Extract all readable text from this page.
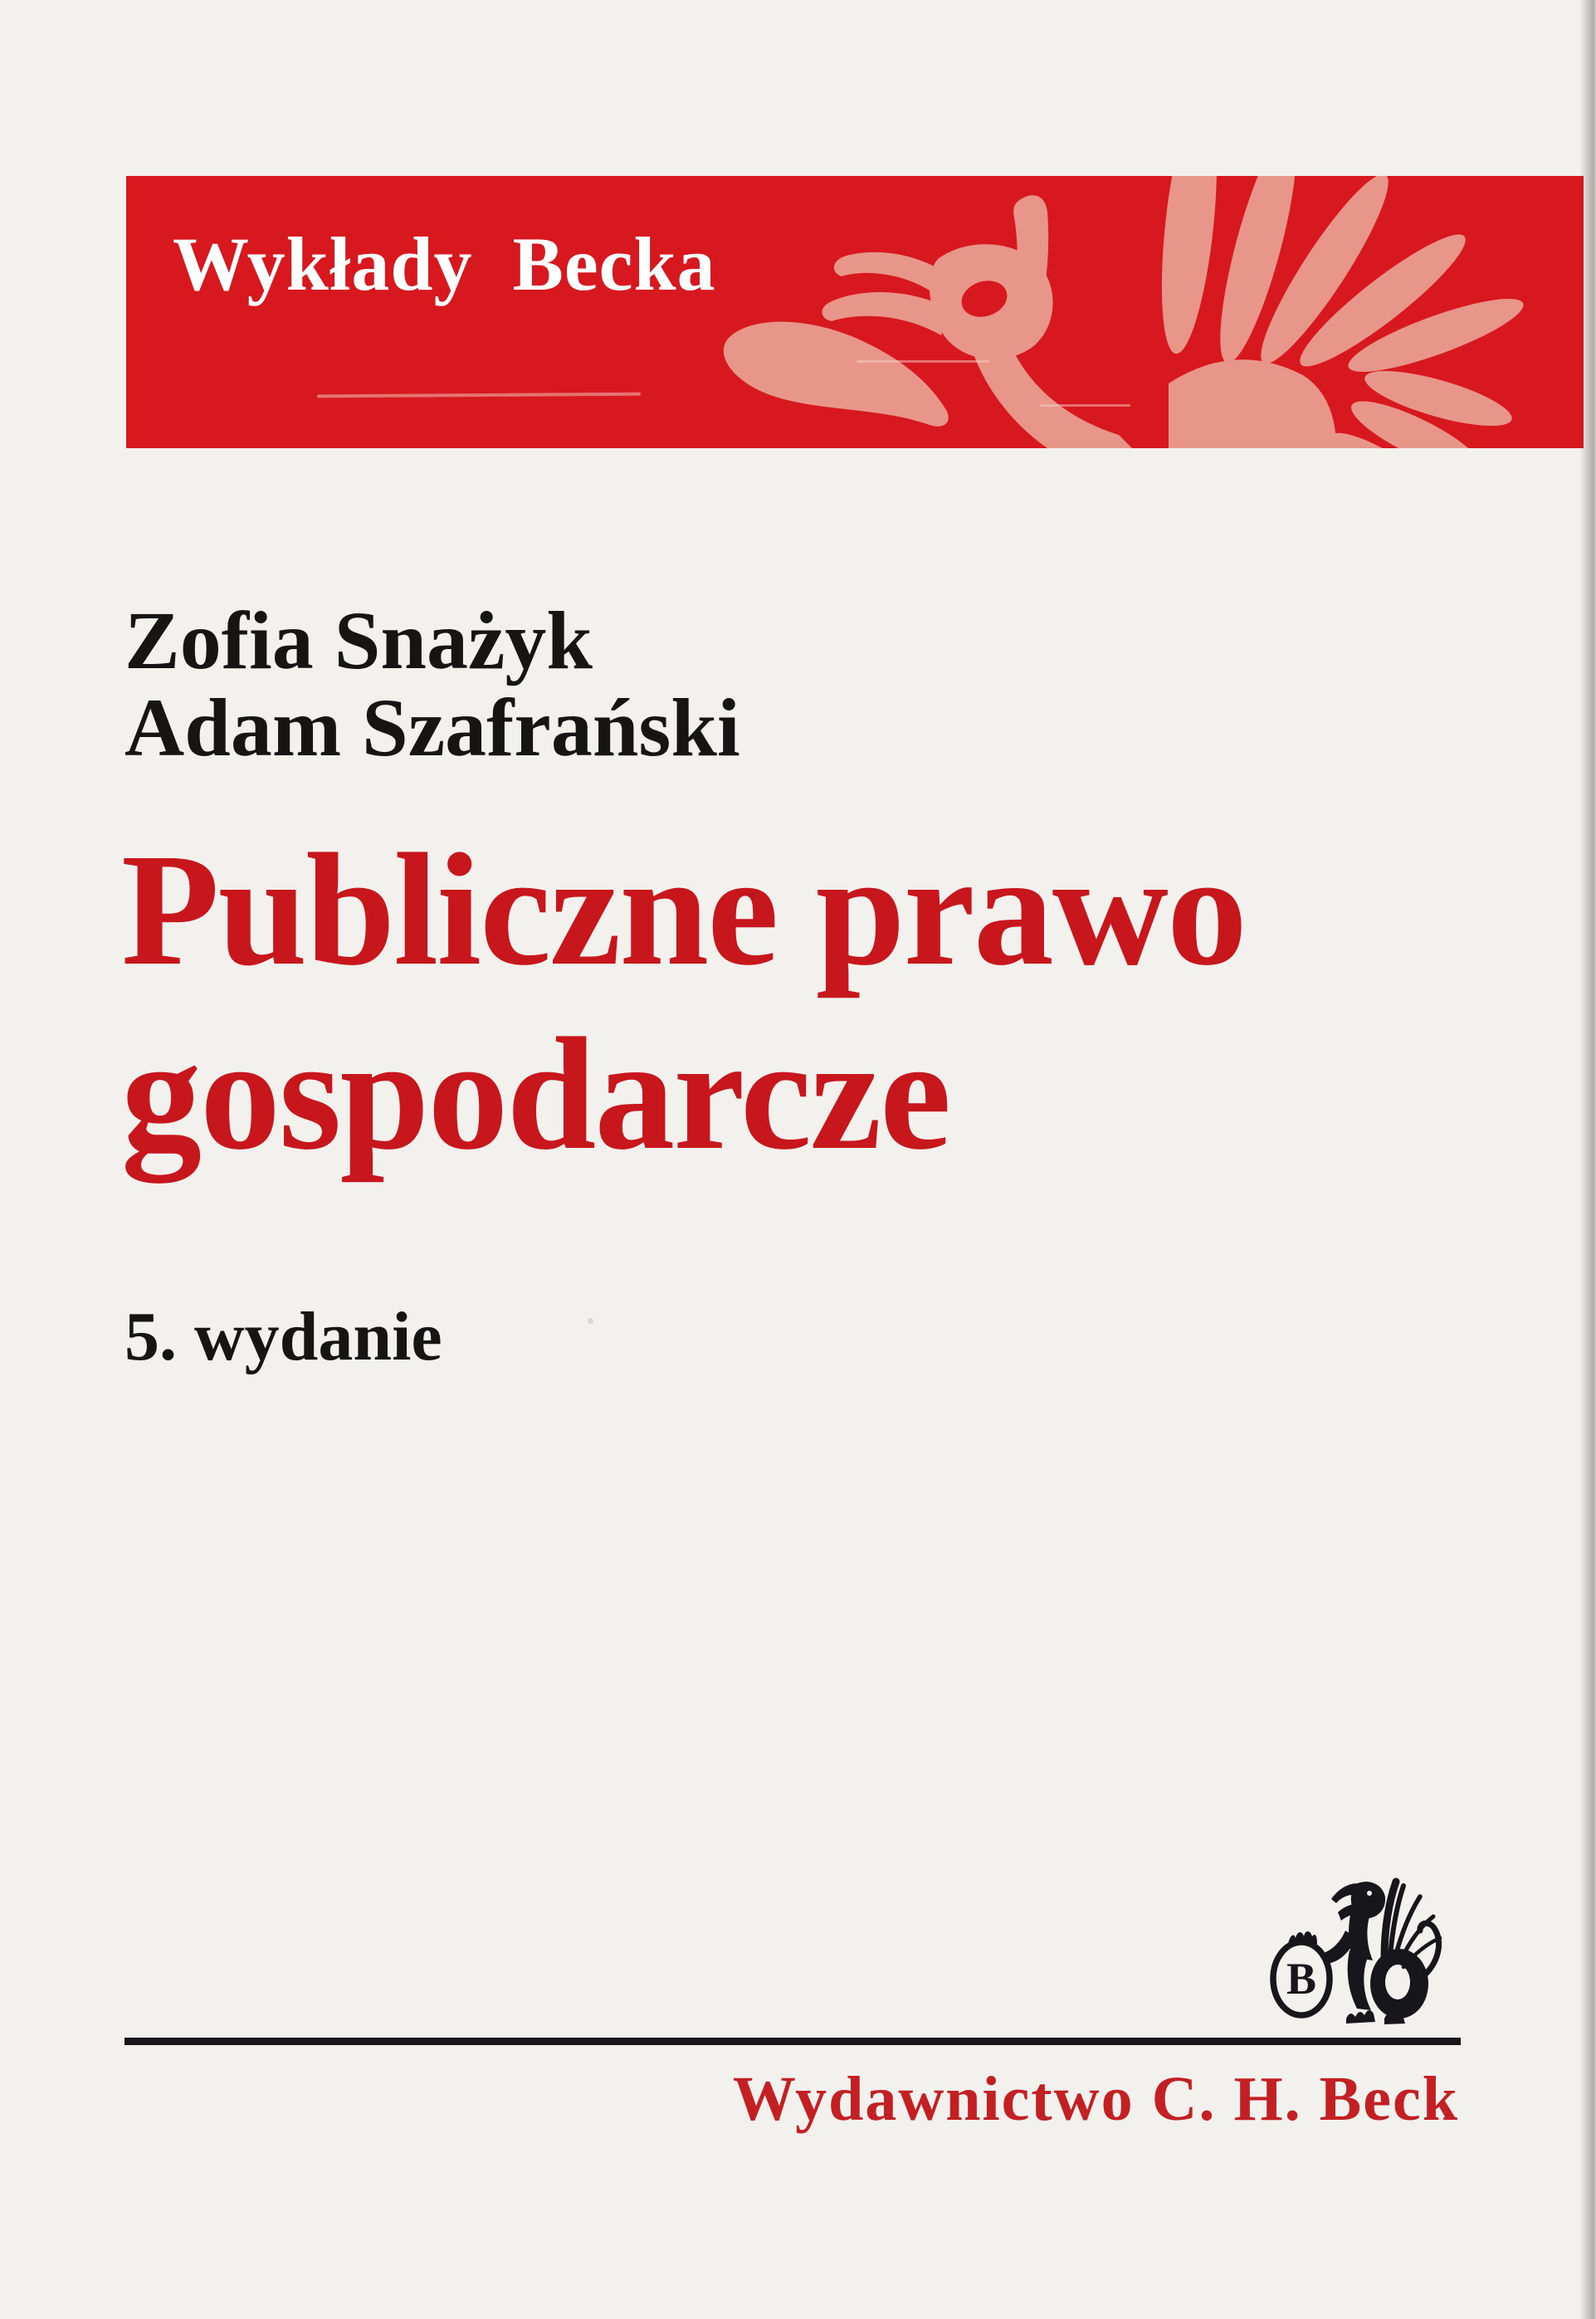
Wykłady  Becka
Zofia Snażyk
Adam Szafrański
Publiczne prawo
gospodarcze
5. wydanie
B
Wydawnictwo C. H. Beck
